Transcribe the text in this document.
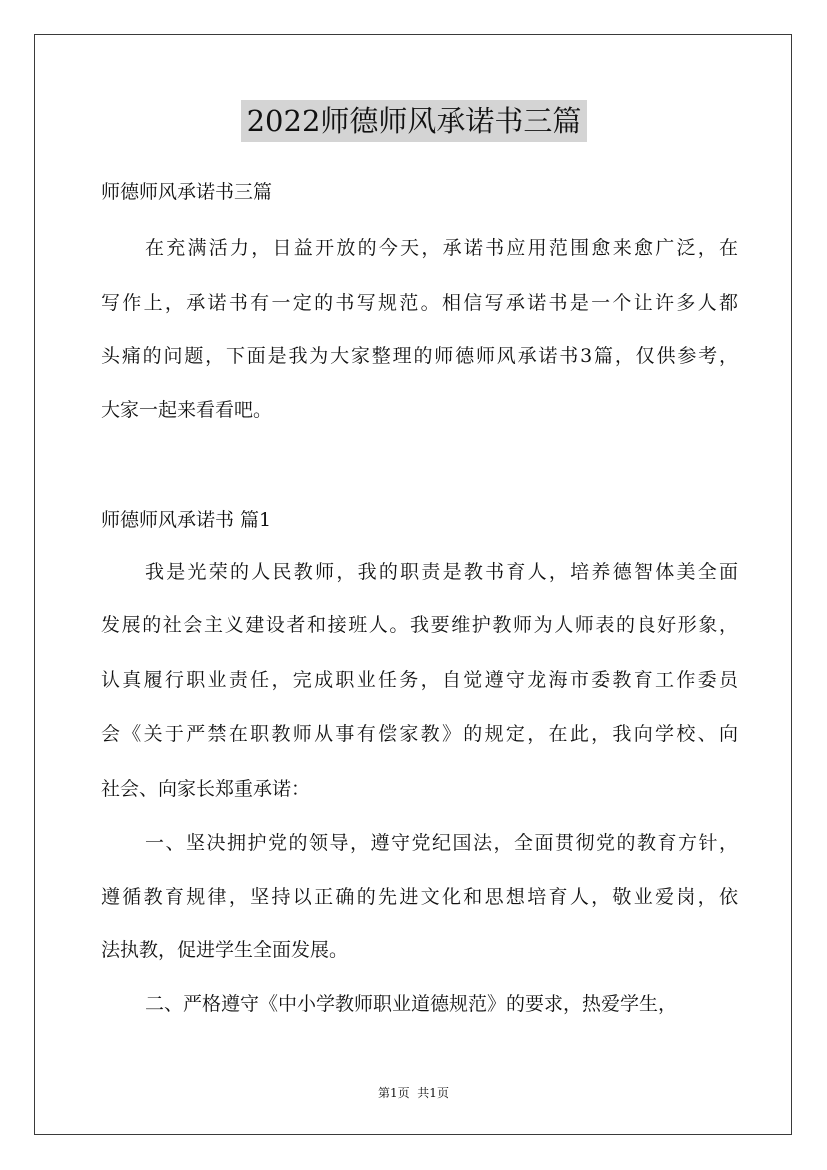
2022师德师风承诺书三篇
师德师风承诺书三篇
在充满活力，日益开放的今天，承诺书应用范围愈来愈广泛，在
写作上，承诺书有一定的书写规范。相信写承诺书是一个让许多人都
头痛的问题，下面是我为大家整理的师德师风承诺书3篇，仅供参考，
大家一起来看看吧。
师德师风承诺书 篇1
我是光荣的人民教师，我的职责是教书育人，培养德智体美全面
发展的社会主义建设者和接班人。我要维护教师为人师表的良好形象，
认真履行职业责任，完成职业任务，自觉遵守龙海市委教育工作委员
会《关于严禁在职教师从事有偿家教》的规定，在此，我向学校、向
社会、向家长郑重承诺：
一、坚决拥护党的领导，遵守党纪国法，全面贯彻党的教育方针，
遵循教育规律，坚持以正确的先进文化和思想培育人，敬业爱岗，依
法执教，促进学生全面发展。
二、严格遵守《中小学教师职业道德规范》的要求，热爱学生，
第1页  共1页
